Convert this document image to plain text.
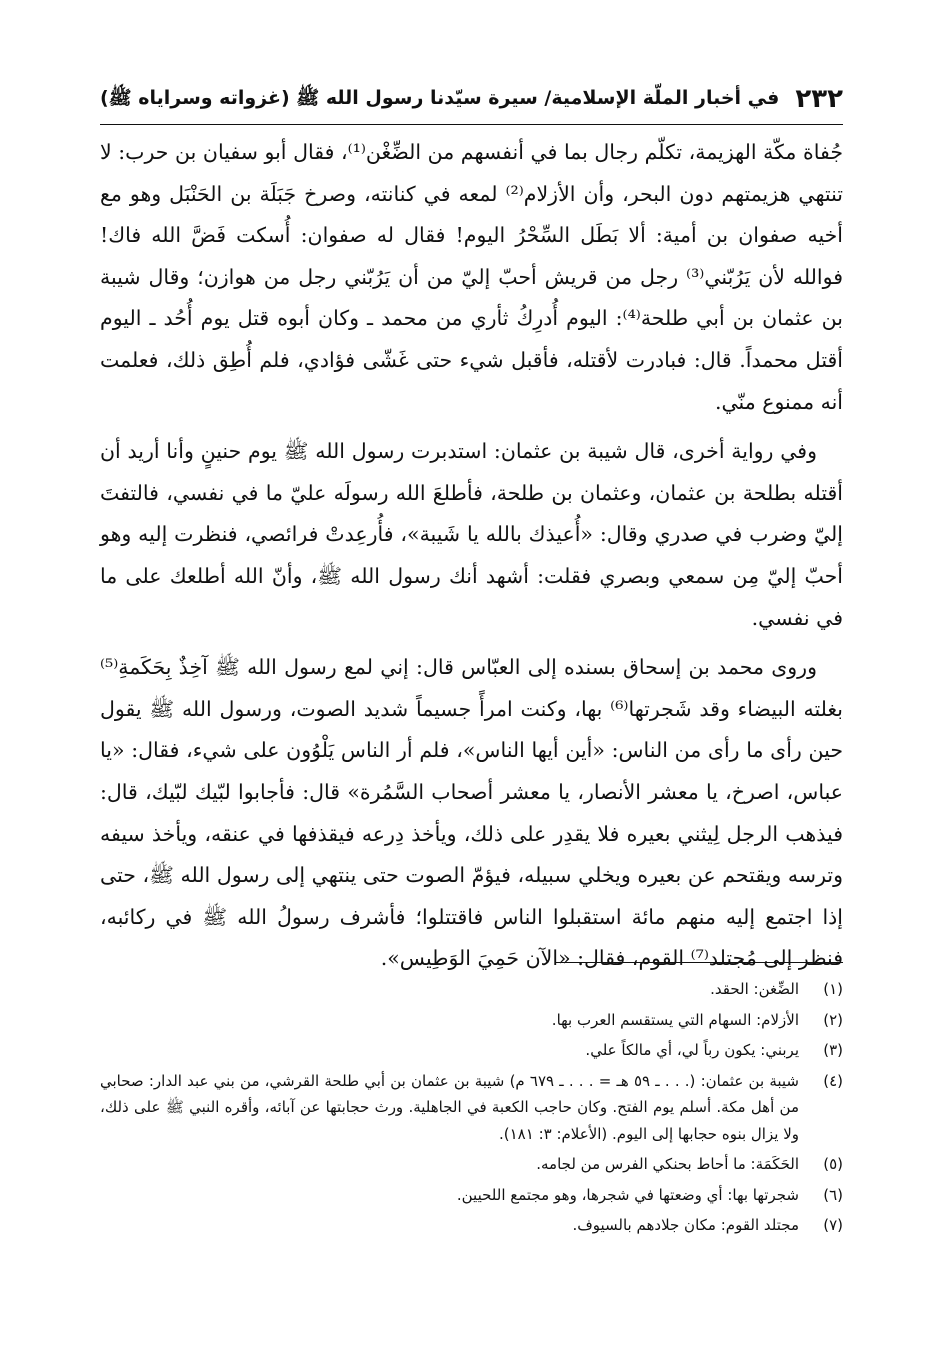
٢٣٢
في أخبار الملّة الإسلامية/ سيرة سيّدنا رسول الله ﷺ (غزواته وسراياه ﷺ)

جُفاة مكّة الهزيمة، تكلّم رجال بما في أنفسهم من الضِّغْن⁽¹⁾، فقال أبو سفيان بن حرب: لا تنتهي هزيمتهم دون البحر، وأن الأزلام⁽²⁾ لمعه في كنانته، وصرخ جَبَلَة بن الحَنْبَل وهو مع أخيه صفوان بن أمية: ألا بَطَل السِّحْرُ اليوم! فقال له صفوان: أُسكت فَضَّ الله فاك! فوالله لأن يَرُبّني⁽³⁾ رجل من قريش أحبّ إليّ من أن يَرُبّني رجل من هوازن؛ وقال شيبة بن عثمان بن أبي طلحة⁽⁴⁾: اليوم أُدرِكُ ثأري من محمد ـ وكان أبوه قتل يوم أُحُد ـ اليوم أقتل محمداً. قال: فبادرت لأقتله، فأقبل شيء حتى غَشّى فؤادي، فلم أُطِق ذلك، فعلمت أنه ممنوع منّي.

وفي رواية أخرى، قال شيبة بن عثمان: استدبرت رسول الله ﷺ يوم حنينٍ وأنا أريد أن أقتله بطلحة بن عثمان، وعثمان بن طلحة، فأطلعَ الله رسولَه عليّ ما في نفسي، فالتفتَ إليّ وضرب في صدري وقال: «أُعيذك بالله يا شَيبة»، فأُرعِدتْ فرائصي، فنظرت إليه وهو أحبّ إليّ مِن سمعي وبصري فقلت: أشهد أنك رسول الله ﷺ، وأنّ الله أطلعك على ما في نفسي.

وروى محمد بن إسحاق بسنده إلى العبّاس قال: إني لمع رسول الله ﷺ آخِذٌ بِحَكَمةِ⁽⁵⁾ بغلته البيضاء وقد شَجرتها⁽⁶⁾ بها، وكنت امرأً جسيماً شديد الصوت، ورسول الله ﷺ يقول حين رأى ما رأى من الناس: «أين أيها الناس»، فلم أر الناس يَلْوُون على شيء، فقال: «يا عباس، اصرخ، يا معشر الأنصار، يا معشر أصحاب السَّمُرة» قال: فأجابوا لبّيك لبّيك، قال: فيذهب الرجل لِيثني بعيره فلا يقدِر على ذلك، ويأخذ دِرعه فيقذفها في عنقه، ويأخذ سيفه وترسه ويقتحم عن بعيره ويخلي سبيله، فيؤمّ الصوت حتى ينتهي إلى رسول الله ﷺ، حتى إذا اجتمع إليه منهم مائة استقبلوا الناس فاقتتلوا؛ فأشرف رسولُ الله ﷺ في ركائبه، فنظر إلى مُجتلد⁽⁷⁾ القوم، فقال: «الآن حَمِيَ الوَطِيس».

(١)
الضِّغن: الحقد.
(٢)
الأزلام: السهام التي يستقسم العرب بها.
(٣)
يربني: يكون رباً لي، أي مالكاً علي.
(٤)
شيبة بن عثمان: (. . . ـ ٥٩ هـ = . . . ـ ٦٧٩ م) شيبة بن عثمان بن أبي طلحة القرشي، من بني عبد الدار: صحابي من أهل مكة. أسلم يوم الفتح. وكان حاجب الكعبة في الجاهلية. ورث حجابتها عن آبائه، وأقره النبي ﷺ على ذلك، ولا يزال بنوه حجابها إلى اليوم. (الأعلام: ٣: ١٨١).
(٥)
الحَكَمَة: ما أحاط بحنكي الفرس من لجامه.
(٦)
شجرتها بها: أي وضعتها في شجرها، وهو مجتمع اللحيين.
(٧)
مجتلد القوم: مكان جلادهم بالسيوف.
